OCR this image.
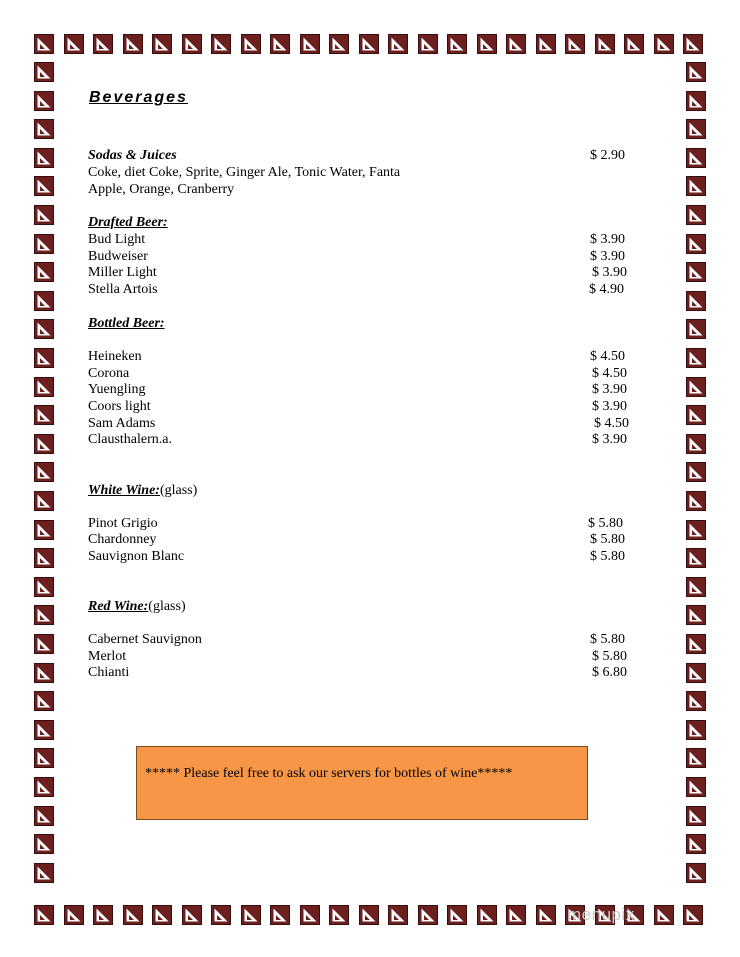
Beverages
Sodas & Juices	$ 2.90
Coke, diet Coke, Sprite, Ginger Ale, Tonic Water, Fanta
Apple, Orange, Cranberry
Drafted Beer:
Bud Light	$ 3.90
Budweiser	$ 3.90
Miller Light	$ 3.90
Stella Artois	$ 4.90
Bottled Beer:
Heineken	$ 4.50
Corona	$ 4.50
Yuengling	$ 3.90
Coors light	$ 3.90
Sam Adams	$ 4.50
Clausthalern.a.	$ 3.90
White Wine:(glass)
Pinot Grigio	$ 5.80
Chardonney	$ 5.80
Sauvignon Blanc	$ 5.80
Red Wine:(glass)
Cabernet Sauvignon	$ 5.80
Merlot	$ 5.80
Chianti	$ 6.80
***** Please feel free to ask our servers for bottles of wine*****
menupix
